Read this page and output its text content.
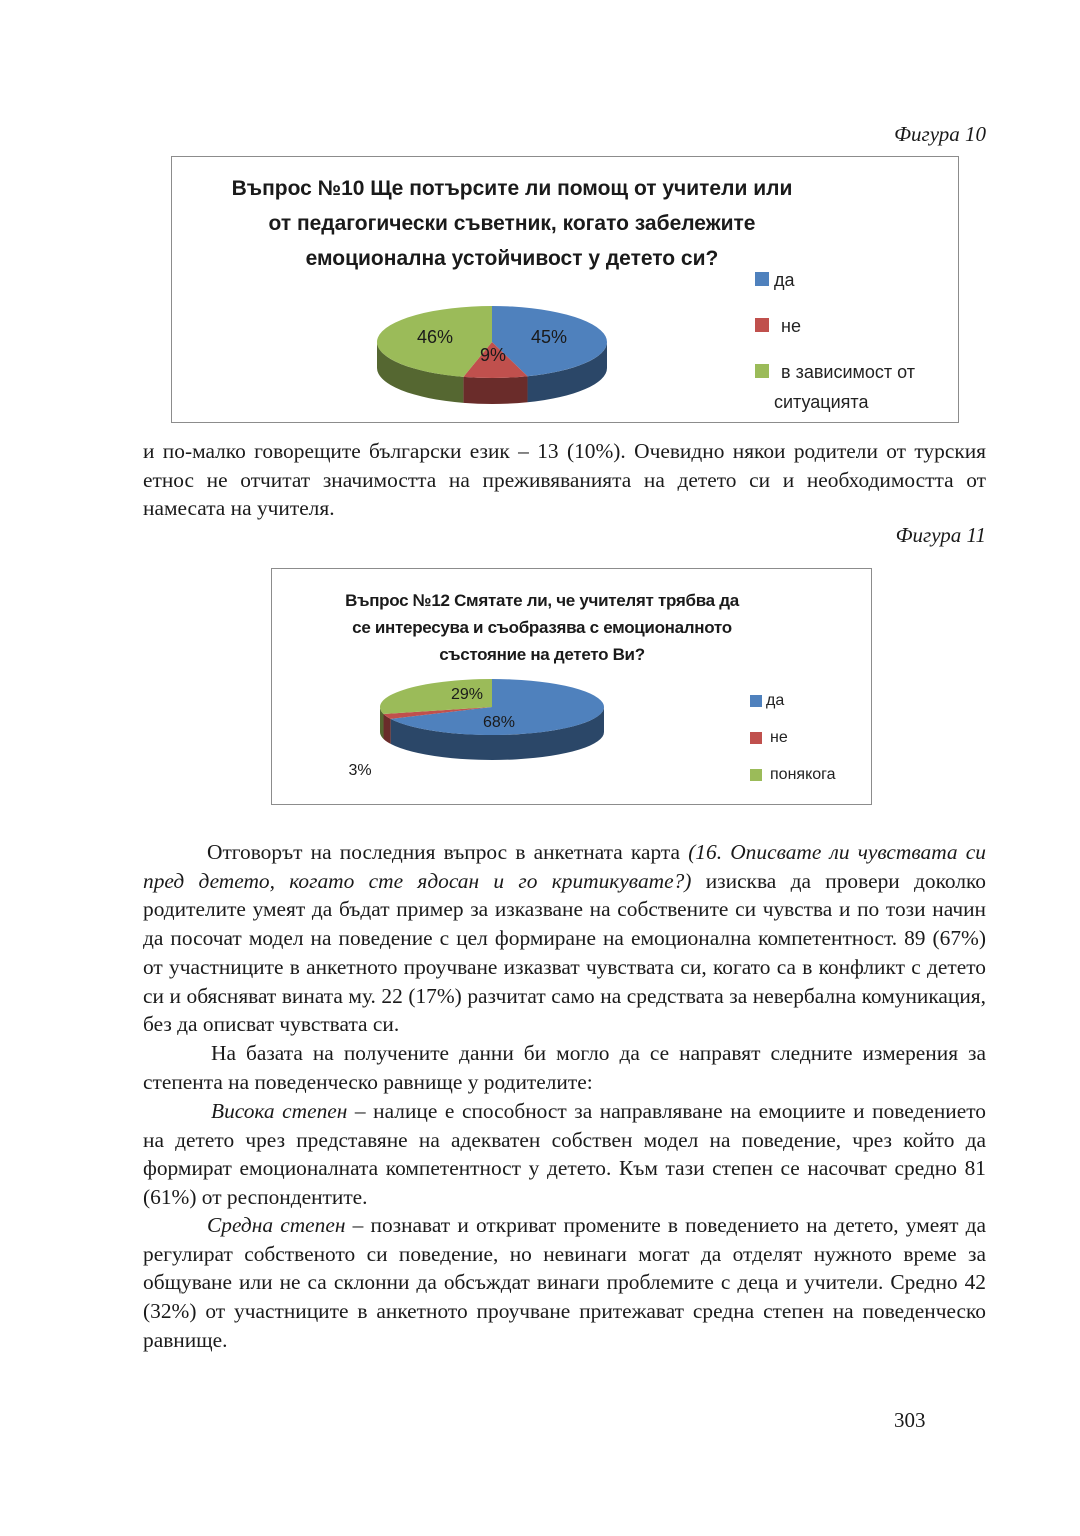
Фигура 10
Въпрос №10 Ще потърсите ли помощ от учители или
от педагогически съветник, когато забележите
емоционална устойчивост у детето си?
45%
9%
46%
да
не
в зависимост от
ситуацията

и по-малко говорещите български език – 13 (10%). Очевидно някои родители от турския етнос не отчитат значимостта на преживяванията на детето си и необходимостта от намесата на учителя.

Фигура 11
Въпрос №12 Смятате ли, че учителят трябва да
се интересува и съобразява с емоционалното
състояние на детето Ви?
68%
3%
29%	да
не
понякога

Отговорът на последния въпрос в анкетната карта (16. Описвате ли чувствата си пред детето, когато сте ядосан и го критикувате?) изисква да провери доколко родителите умеят да бъдат пример за изказване на собствените си чувства и по този начин да посочат модел на поведение с цел формиране на емоционална компетентност. 89 (67%) от участниците в анкетното проучване изказват чувствата си, когато са в конфликт с детето си и обясняват вината му. 22 (17%) разчитат само на средствата за невербална комуникация, без да описват чувствата си.

На базата на получените данни би могло да се направят следните измерения за степента на поведенческо равнище у родителите:

Висока степен – налице е способност за направляване на емоциите и поведението на детето чрез представяне на адекватен собствен модел на поведение, чрез който да формират емоционалната компетентност у детето. Към тази степен се насочват средно 81 (61%) от респондентите.

Средна степен – познават и откриват промените в поведението на детето, умеят да регулират собственото си поведение, но невинаги могат да отделят нужното време за общуване или не са склонни да обсъждат винаги проблемите с деца и учители. Средно 42 (32%) от участниците в анкетното проучване притежават средна степен на поведенческо равнище.

303
